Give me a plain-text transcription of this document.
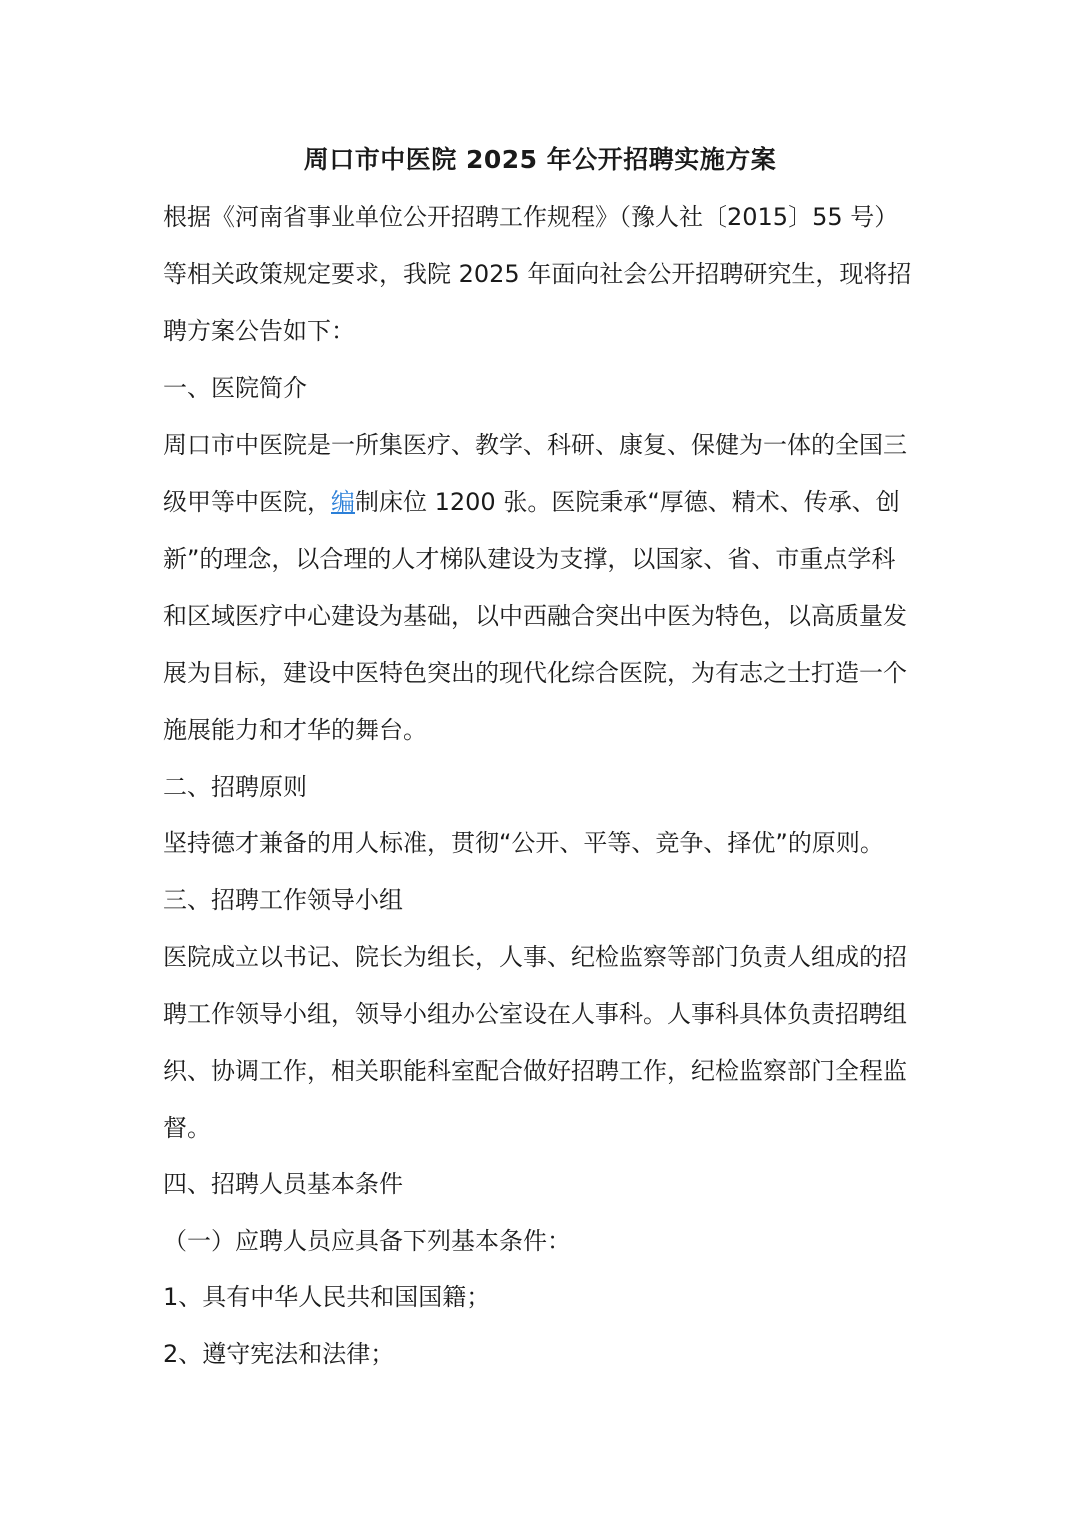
周口市中医院 2025 年公开招聘实施方案
根据《河南省事业单位公开招聘工作规程》（豫人社〔2015〕55 号）
等相关政策规定要求，我院 2025 年面向社会公开招聘研究生，现将招
聘方案公告如下：
一、医院简介
周口市中医院是一所集医疗、教学、科研、康复、保健为一体的全国三
级甲等中医院，编制床位 1200 张。医院秉承“厚德、精术、传承、创
新”的理念，以合理的人才梯队建设为支撑，以国家、省、市重点学科
和区域医疗中心建设为基础，以中西融合突出中医为特色，以高质量发
展为目标，建设中医特色突出的现代化综合医院，为有志之士打造一个
施展能力和才华的舞台。
二、招聘原则
坚持德才兼备的用人标准，贯彻“公开、平等、竞争、择优”的原则。
三、招聘工作领导小组
医院成立以书记、院长为组长，人事、纪检监察等部门负责人组成的招
聘工作领导小组，领导小组办公室设在人事科。人事科具体负责招聘组
织、协调工作，相关职能科室配合做好招聘工作，纪检监察部门全程监
督。
四、招聘人员基本条件
（一）应聘人员应具备下列基本条件：
1、具有中华人民共和国国籍；
2、遵守宪法和法律；
